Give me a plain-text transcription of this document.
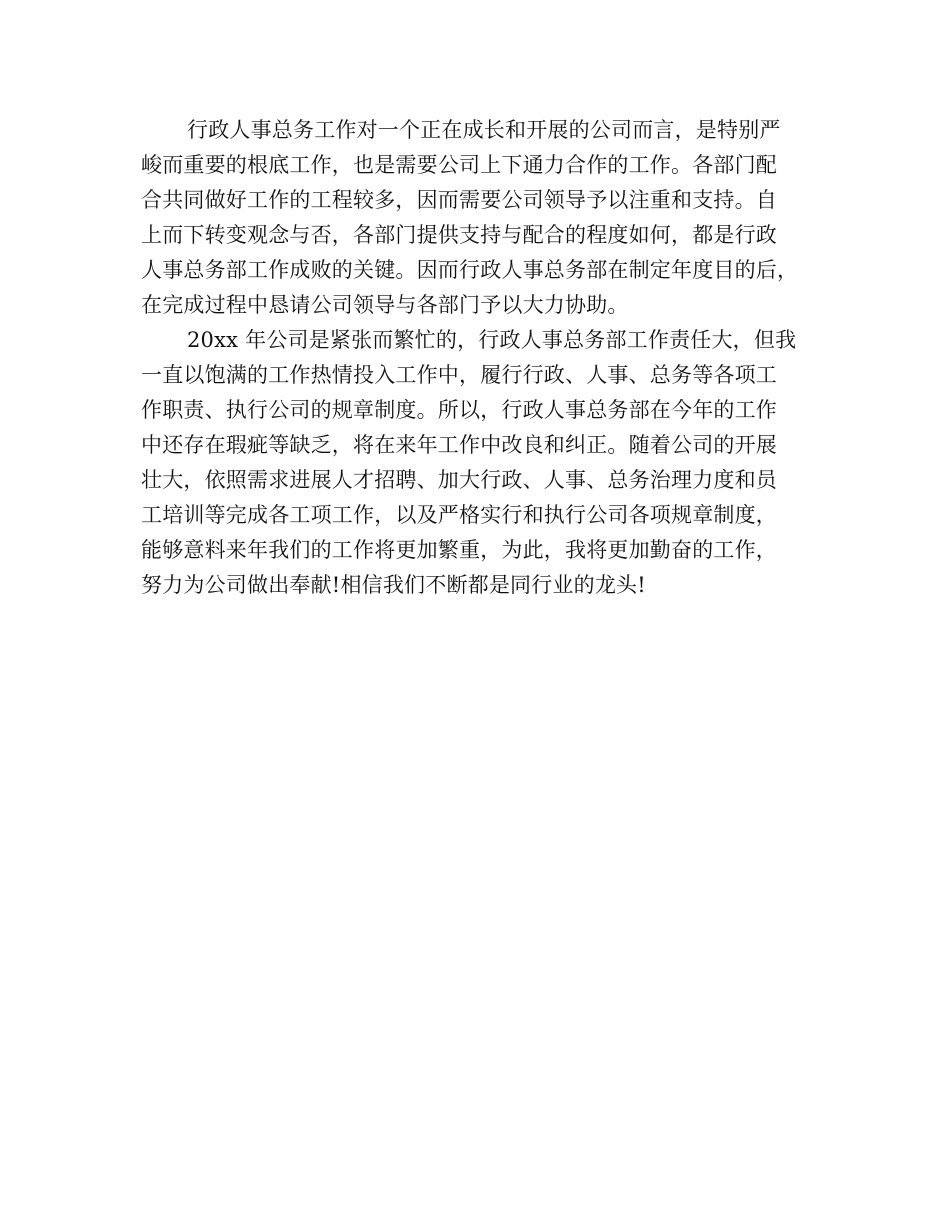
行政人事总务工作对一个正在成长和开展的公司而言，是特别严
峻而重要的根底工作，也是需要公司上下通力合作的工作。各部门配
合共同做好工作的工程较多，因而需要公司领导予以注重和支持。自
上而下转变观念与否，各部门提供支持与配合的程度如何，都是行政
人事总务部工作成败的关键。因而行政人事总务部在制定年度目的后，
在完成过程中恳请公司领导与各部门予以大力协助。
20xx 年公司是紧张而繁忙的，行政人事总务部工作责任大，但我
一直以饱满的工作热情投入工作中，履行行政、人事、总务等各项工
作职责、执行公司的规章制度。所以，行政人事总务部在今年的工作
中还存在瑕疵等缺乏，将在来年工作中改良和纠正。随着公司的开展
壮大，依照需求进展人才招聘、加大行政、人事、总务治理力度和员
工培训等完成各工项工作，以及严格实行和执行公司各项规章制度，
能够意料来年我们的工作将更加繁重，为此，我将更加勤奋的工作，
努力为公司做出奉献!相信我们不断都是同行业的龙头!
